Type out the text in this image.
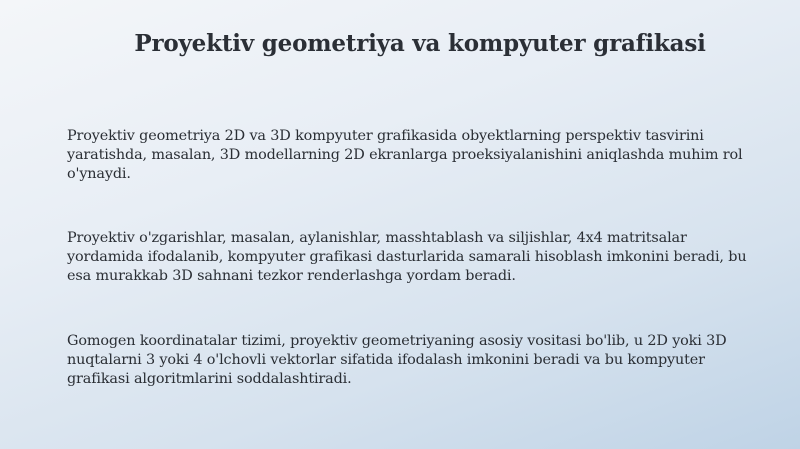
Proyektiv geometriya va kompyuter grafikasi
Proyektiv geometriya 2D va 3D kompyuter grafikasida obyektlarning perspektiv tasvirini yaratishda, masalan, 3D modellarning 2D ekranlarga proeksiyalanishini aniqlashda muhim rol o'ynaydi.
Proyektiv o'zgarishlar, masalan, aylanishlar, masshtablash va siljishlar, 4x4 matritsalar yordamida ifodalanib, kompyuter grafikasi dasturlarida samarali hisoblash imkonini beradi, bu esa murakkab 3D sahnani tezkor renderlashga yordam beradi.
Gomogen koordinatalar tizimi, proyektiv geometriyaning asosiy vositasi bo'lib, u 2D yoki 3D nuqtalarni 3 yoki 4 o'lchovli vektorlar sifatida ifodalash imkonini beradi va bu kompyuter grafikasi algoritmlarini soddalashtiradi.
